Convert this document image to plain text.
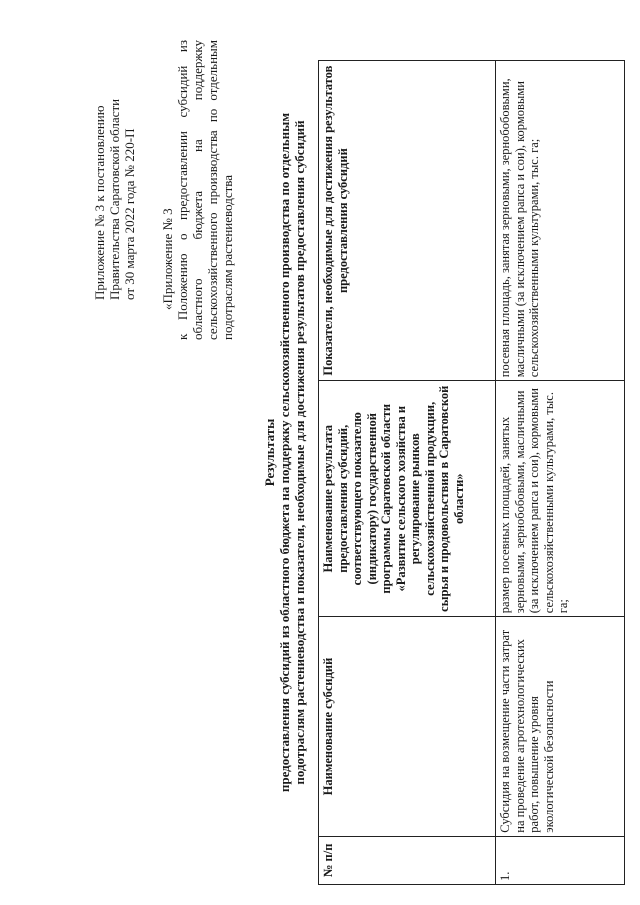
Приложение № 3 к постановлению Правительства Саратовской области от 30 марта 2022 года № 220-П «Приложение № 3 к Положению о предоставлении субсидий из областного бюджета на поддержку сельскохозяйственного производства по отдельным подотраслям растениеводства
Результаты предоставления субсидий из областного бюджета на поддержку сельскохозяйственного производства по отдельным подотраслям растениеводства и показатели, необходимые для достижения результатов предоставления субсидий
№ п/п	Наименование субсидий	Наименование результата предоставления субсидий, соответствующего показателю (индикатору) государственной программы Саратовской области «Развитие сельского хозяйства и регулирование рынков сельскохозяйственной продукции, сырья и продовольствия в Саратовской области»	Показатели, необходимые для достижения результатов предоставления субсидий
1.	Субсидия на возмещение части затрат на проведение агротехнологических работ, повышение уровня экологической безопасности	размер посевных площадей, занятых зерновыми, зернобобовыми, масличными (за исключением рапса и сои), кормовыми сельскохозяйственными культурами, тыс. га;	посевная площадь, занятая зерновыми, зернобобовыми, масличными (за исключением рапса и сои), кормовыми сельскохозяйственными культурами, тыс. га;
